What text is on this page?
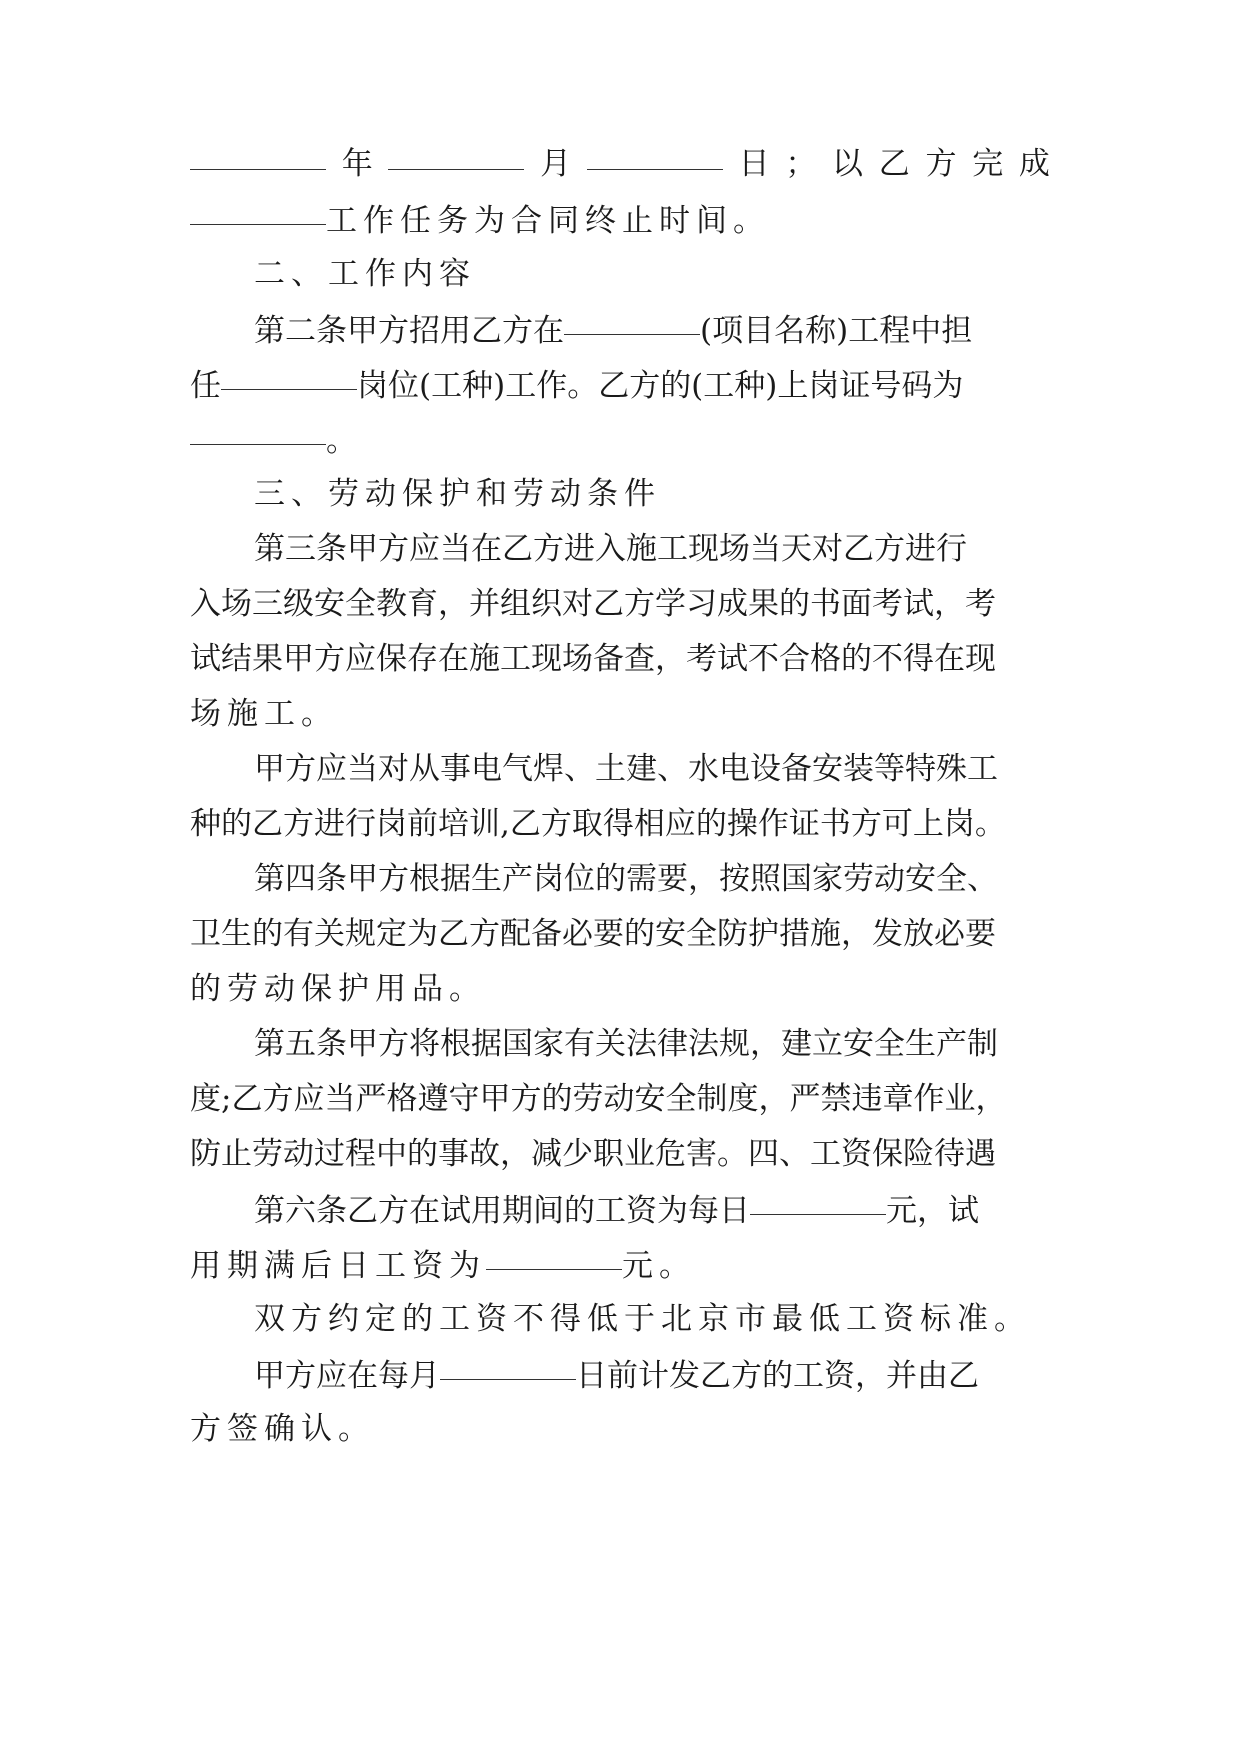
年	月	日 ； 以 乙 方 完 成
工作任务为合同终止时间。
二、工作内容
第二条甲方招用乙方在	(项目名称)工程中担
任	岗位(工种)工作。乙方的(工种)上岗证号码为
。
三、劳动保护和劳动条件
第三条甲方应当在乙方进入施工现场当天对乙方进行
入场三级安全教育，并组织对乙方学习成果的书面考试，考
试结果甲方应保存在施工现场备查，考试不合格的不得在现
场施工。
甲方应当对从事电气焊、土建、水电设备安装等特殊工
种的乙方进行岗前培训,乙方取得相应的操作证书方可上岗。
第四条甲方根据生产岗位的需要，按照国家劳动安全、
卫生的有关规定为乙方配备必要的安全防护措施，发放必要
的劳动保护用品。
第五条甲方将根据国家有关法律法规，建立安全生产制
度;乙方应当严格遵守甲方的劳动安全制度，严禁违章作业，
防止劳动过程中的事故，减少职业危害。四、工资保险待遇
第六条乙方在试用期间的工资为每日	元，试
用期满后日工资为	元。
双方约定的工资不得低于北京市最低工资标准。
甲方应在每月	日前计发乙方的工资，并由乙
方签确认。
